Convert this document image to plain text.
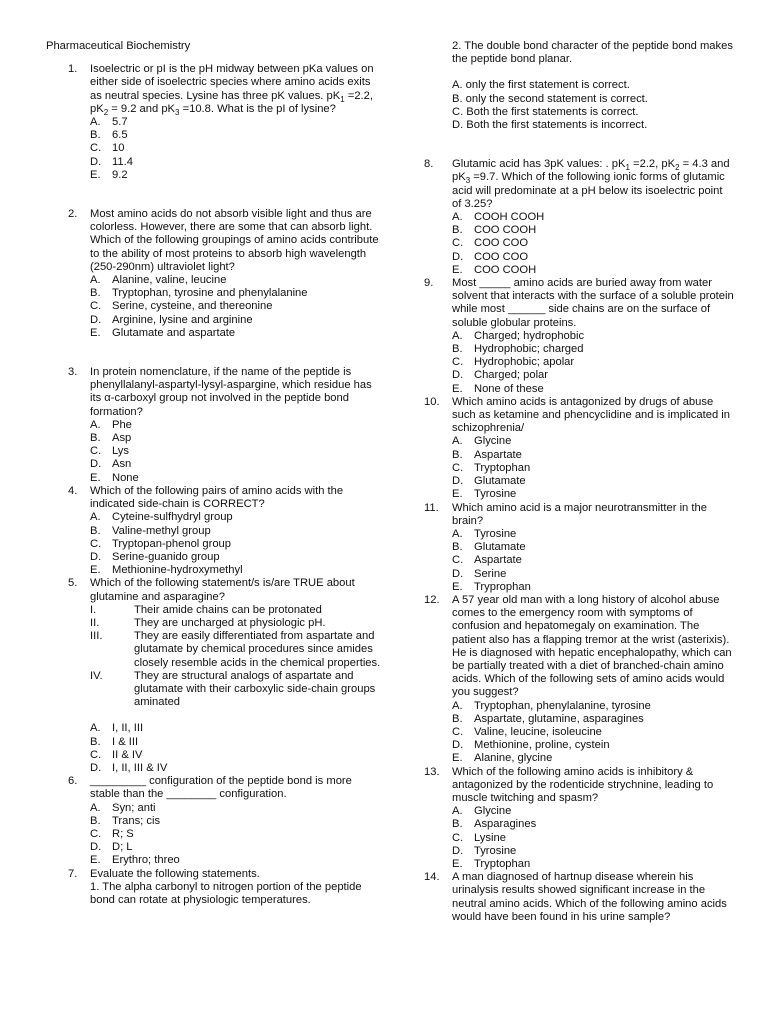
Pharmaceutical Biochemistry
1. Isoelectric or pI is the pH midway between pKa values on either side of isoelectric species where amino acids exits as neutral species. Lysine has three pK values. $pK_1 =2.2$, $pK_2 = 9.2$ and $pK_3 =10.8$. What is the pI of lysine?
A. 5.7
B. 6.5
C. 10
D. 11.4
E. 9.2
2. Most amino acids do not absorb visible light and thus are colorless. However, there are some that can absorb light. Which of the following groupings of amino acids contribute to the ability of most proteins to absorb high wavelength (250-290nm) ultraviolet light?
A. Alanine, valine, leucine
B. Tryptophan, tyrosine and phenylalanine
C. Serine, cysteine, and thereonine
D. Arginine, lysine and arginine
E. Glutamate and aspartate
3. In protein nomenclature, if the name of the peptide is phenyllalanyl-aspartyl-lysyl-aspargine, which residue has its α-carboxyl group not involved in the peptide bond formation?
A. Phe
B. Asp
C. Lys
D. Asn
E. None
4. Which of the following pairs of amino acids with the indicated side-chain is CORRECT?
A. Cyteine-sulfhydryl group
B. Valine-methyl group
C. Tryptopan-phenol group
D. Serine-guanido group
E. Methionine-hydroxymethyl
5. Which of the following statement/s is/are TRUE about glutamine and asparagine?
I.	Their amide chains can be protonated
II.	They are uncharged at physiologic pH.
III.	They are easily differentiated from aspartate and glutamate by chemical procedures since amides closely resemble acids in the chemical properties.
IV.	They are structural analogs of aspartate and glutamate with their carboxylic side-chain groups aminated
A. I, II, III
B. I & III
C. II & IV
D. I, II, III & IV
6. _________ configuration of the peptide bond is more stable than the ________ configuration.
A. Syn; anti
B. Trans; cis
C. R; S
D. D; L
E. Erythro; threo
7. Evaluate the following statements.
1. The alpha carbonyl to nitrogen portion of the peptide bond can rotate at physiologic temperatures.
2. The double bond character of the peptide bond makes the peptide bond planar.
A. only the first statement is correct.
B. only the second statement is correct.
C. Both the first statements is correct.
D. Both the first statements is incorrect.
8. Glutamic acid has 3pK values: . $pK_1 =2.2$, $pK_2 = 4.3$ and $pK_3 =9.7$. Which of the following ionic forms of glutamic acid will predominate at a pH below its isoelectric point of 3.25?
A. COOH COOH
B. COO COOH
C. COO COO
D. COO COO
E. COO COOH
9. Most _____ amino acids are buried away from water solvent that interacts with the surface of a soluble protein while most ______ side chains are on the surface of soluble globular proteins.
A. Charged; hydrophobic
B. Hydrophobic; charged
C. Hydrophobic; apolar
D. Charged; polar
E. None of these
10. Which amino acids is antagonized by drugs of abuse such as ketamine and phencyclidine and is implicated in schizophrenia/
A. Glycine
B. Aspartate
C. Tryptophan
D. Glutamate
E. Tyrosine
11. Which amino acid is a major neurotransmitter in the brain?
A. Tyrosine
B. Glutamate
C. Aspartate
D. Serine
E. Tryprophan
12. A 57 year old man with a long history of alcohol abuse comes to the emergency room with symptoms of confusion and hepatomegaly on examination. The patient also has a flapping tremor at the wrist (asterixis). He is diagnosed with hepatic encephalopathy, which can be partially treated with a diet of branched-chain amino acids. Which of the following sets of amino acids would you suggest?
A. Tryptophan, phenylalanine, tyrosine
B. Aspartate, glutamine, asparagines
C. Valine, leucine, isoleucine
D. Methionine, proline, cystein
E. Alanine, glycine
13. Which of the following amino acids is inhibitory & antagonized by the rodenticide strychnine, leading to muscle twitching and spasm?
A. Glycine
B. Asparagines
C. Lysine
D. Tyrosine
E. Tryptophan
14. A man diagnosed of hartnup disease wherein his urinalysis results showed significant increase in the neutral amino acids. Which of the following amino acids would have been found in his urine sample?
